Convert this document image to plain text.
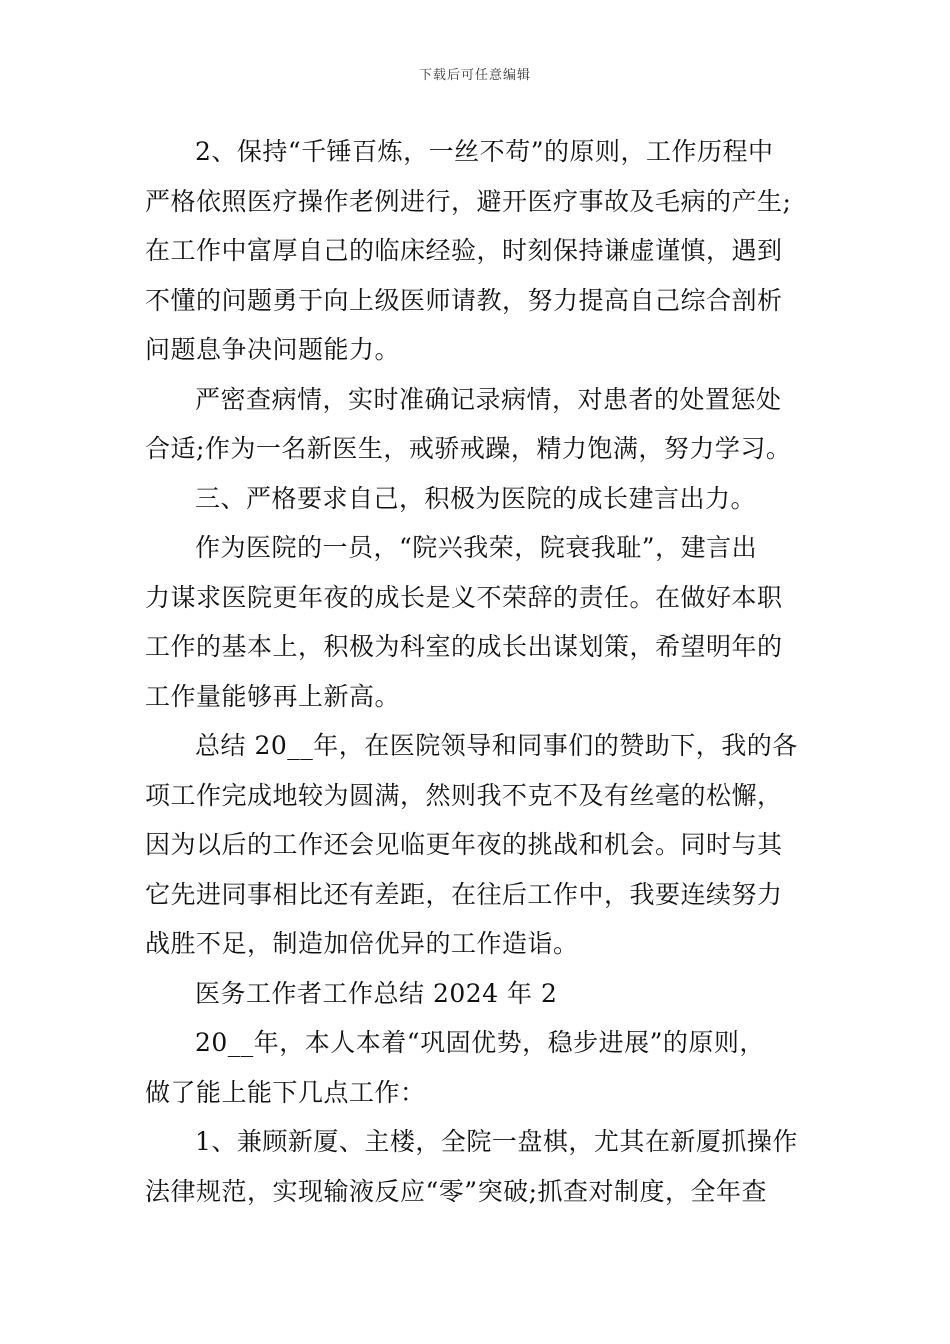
下载后可任意编辑

2、保持“千锤百炼，一丝不苟”的原则，工作历程中
严格依照医疗操作老例进行，避开医疗事故及毛病的产生;
在工作中富厚自己的临床经验，时刻保持谦虚谨慎，遇到
不懂的问题勇于向上级医师请教，努力提高自己综合剖析
问题息争决问题能力。

严密查病情，实时准确记录病情，对患者的处置惩处
合适;作为一名新医生，戒骄戒躁，精力饱满，努力学习。

三、严格要求自己，积极为医院的成长建言出力。

作为医院的一员，“院兴我荣，院衰我耻”，建言出
力谋求医院更年夜的成长是义不荣辞的责任。在做好本职
工作的基本上，积极为科室的成长出谋划策，希望明年的
工作量能够再上新高。

总结 20__年，在医院领导和同事们的赞助下，我的各
项工作完成地较为圆满，然则我不克不及有丝毫的松懈，
因为以后的工作还会见临更年夜的挑战和机会。同时与其
它先进同事相比还有差距，在往后工作中，我要连续努力
战胜不足，制造加倍优异的工作造诣。

医务工作者工作总结 2024 年 2

20__年，本人本着“巩固优势，稳步进展”的原则，
做了能上能下几点工作：

1、兼顾新厦、主楼，全院一盘棋，尤其在新厦抓操作
法律规范，实现输液反应“零”突破;抓查对制度，全年查
